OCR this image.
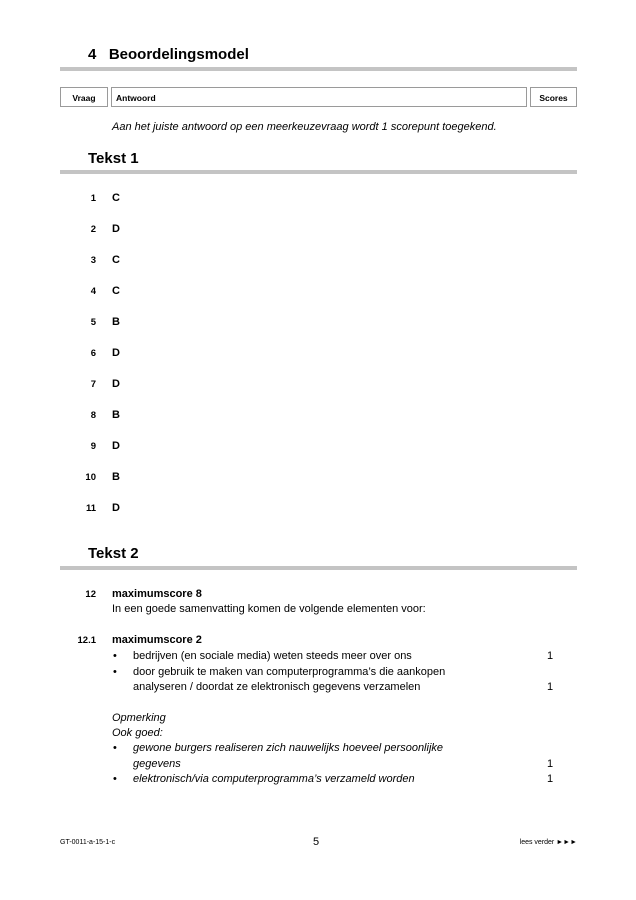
4   Beoordelingsmodel
Vraag	Antwoord	Scores
Aan het juiste antwoord op een meerkeuzevraag wordt 1 scorepunt toegekend.
Tekst 1
1 C
2 D
3 C
4 C
5 B
6 D
7 D
8 B
9 D
10 B
11 D
Tekst 2
12 maximumscore 8
In een goede samenvatting komen de volgende elementen voor:
12.1 maximumscore 2
• bedrijven (en sociale media) weten steeds meer over ons	1
• door gebruik te maken van computerprogramma’s die aankopen
analyseren / doordat ze elektronisch gegevens verzamelen	1
Opmerking
Ook goed:
• gewone burgers realiseren zich nauwelijks hoeveel persoonlijke
gegevens	1
• elektronisch/via computerprogramma’s verzameld worden	1
GT-0011-a-15-1-c	5	lees verder ►►►
